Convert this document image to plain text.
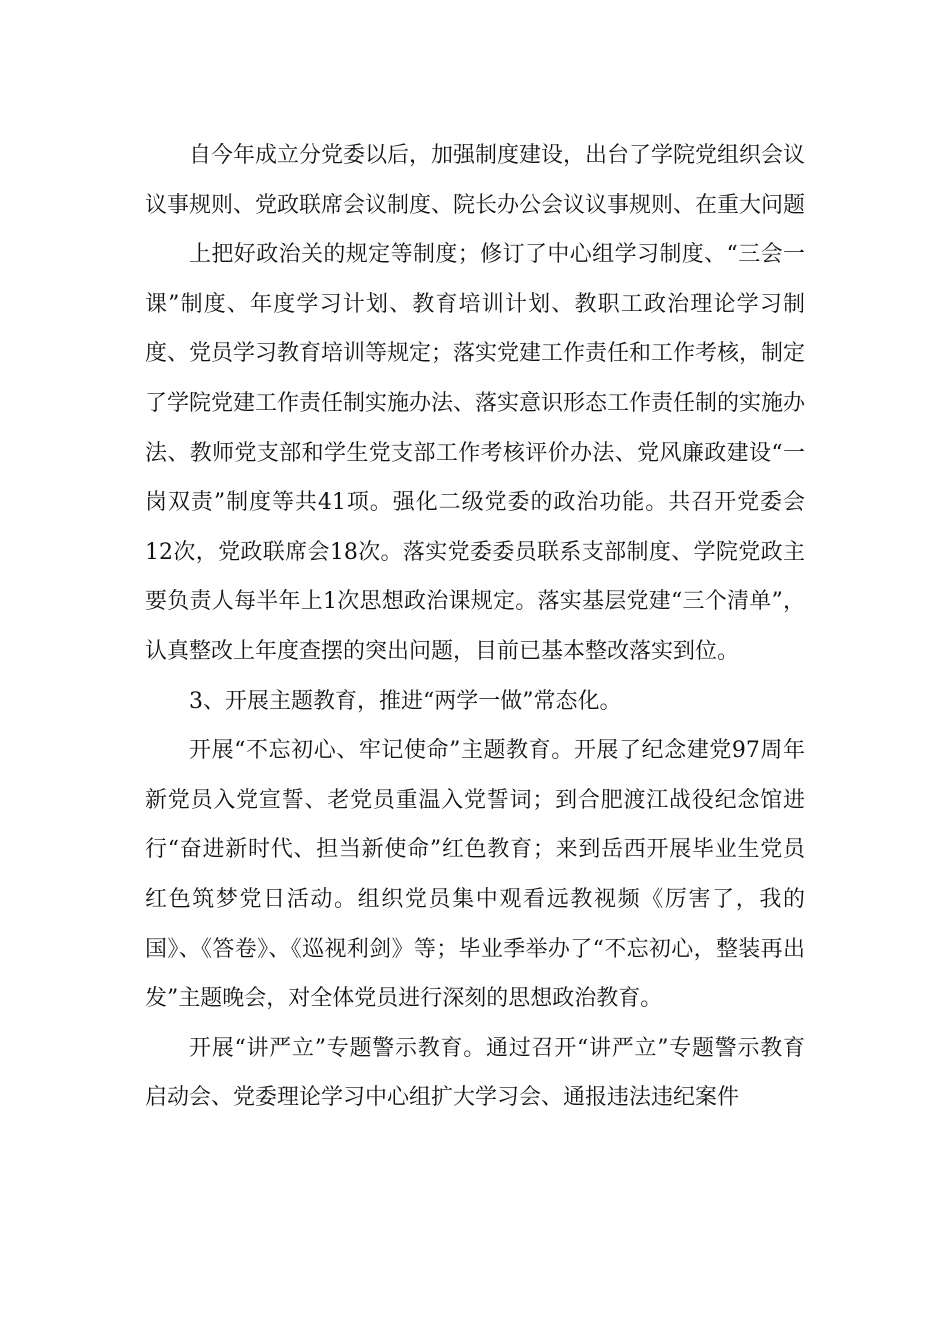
自今年成立分党委以后，加强制度建设，出台了学院党组织会议议事规则、党政联席会议制度、院长办公会议议事规则、在重大问题

上把好政治关的规定等制度；修订了中心组学习制度、“三会一课”制度、年度学习计划、教育培训计划、教职工政治理论学习制度、党员学习教育培训等规定；落实党建工作责任和工作考核，制定了学院党建工作责任制实施办法、落实意识形态工作责任制的实施办法、教师党支部和学生党支部工作考核评价办法、党风廉政建设“一岗双责”制度等共41项。强化二级党委的政治功能。共召开党委会12次，党政联席会18次。落实党委委员联系支部制度、学院党政主要负责人每半年上1次思想政治课规定。落实基层党建“三个清单”，认真整改上年度查摆的突出问题，目前已基本整改落实到位。

3、开展主题教育，推进“两学一做”常态化。

开展“不忘初心、牢记使命”主题教育。开展了纪念建党97周年新党员入党宣誓、老党员重温入党誓词；到合肥渡江战役纪念馆进行“奋进新时代、担当新使命”红色教育；来到岳西开展毕业生党员红色筑梦党日活动。组织党员集中观看远教视频《厉害了，我的国》、《答卷》、《巡视利剑》等；毕业季举办了“不忘初心，整装再出发”主题晚会，对全体党员进行深刻的思想政治教育。

开展“讲严立”专题警示教育。通过召开“讲严立”专题警示教育启动会、党委理论学习中心组扩大学习会、通报违法违纪案件
